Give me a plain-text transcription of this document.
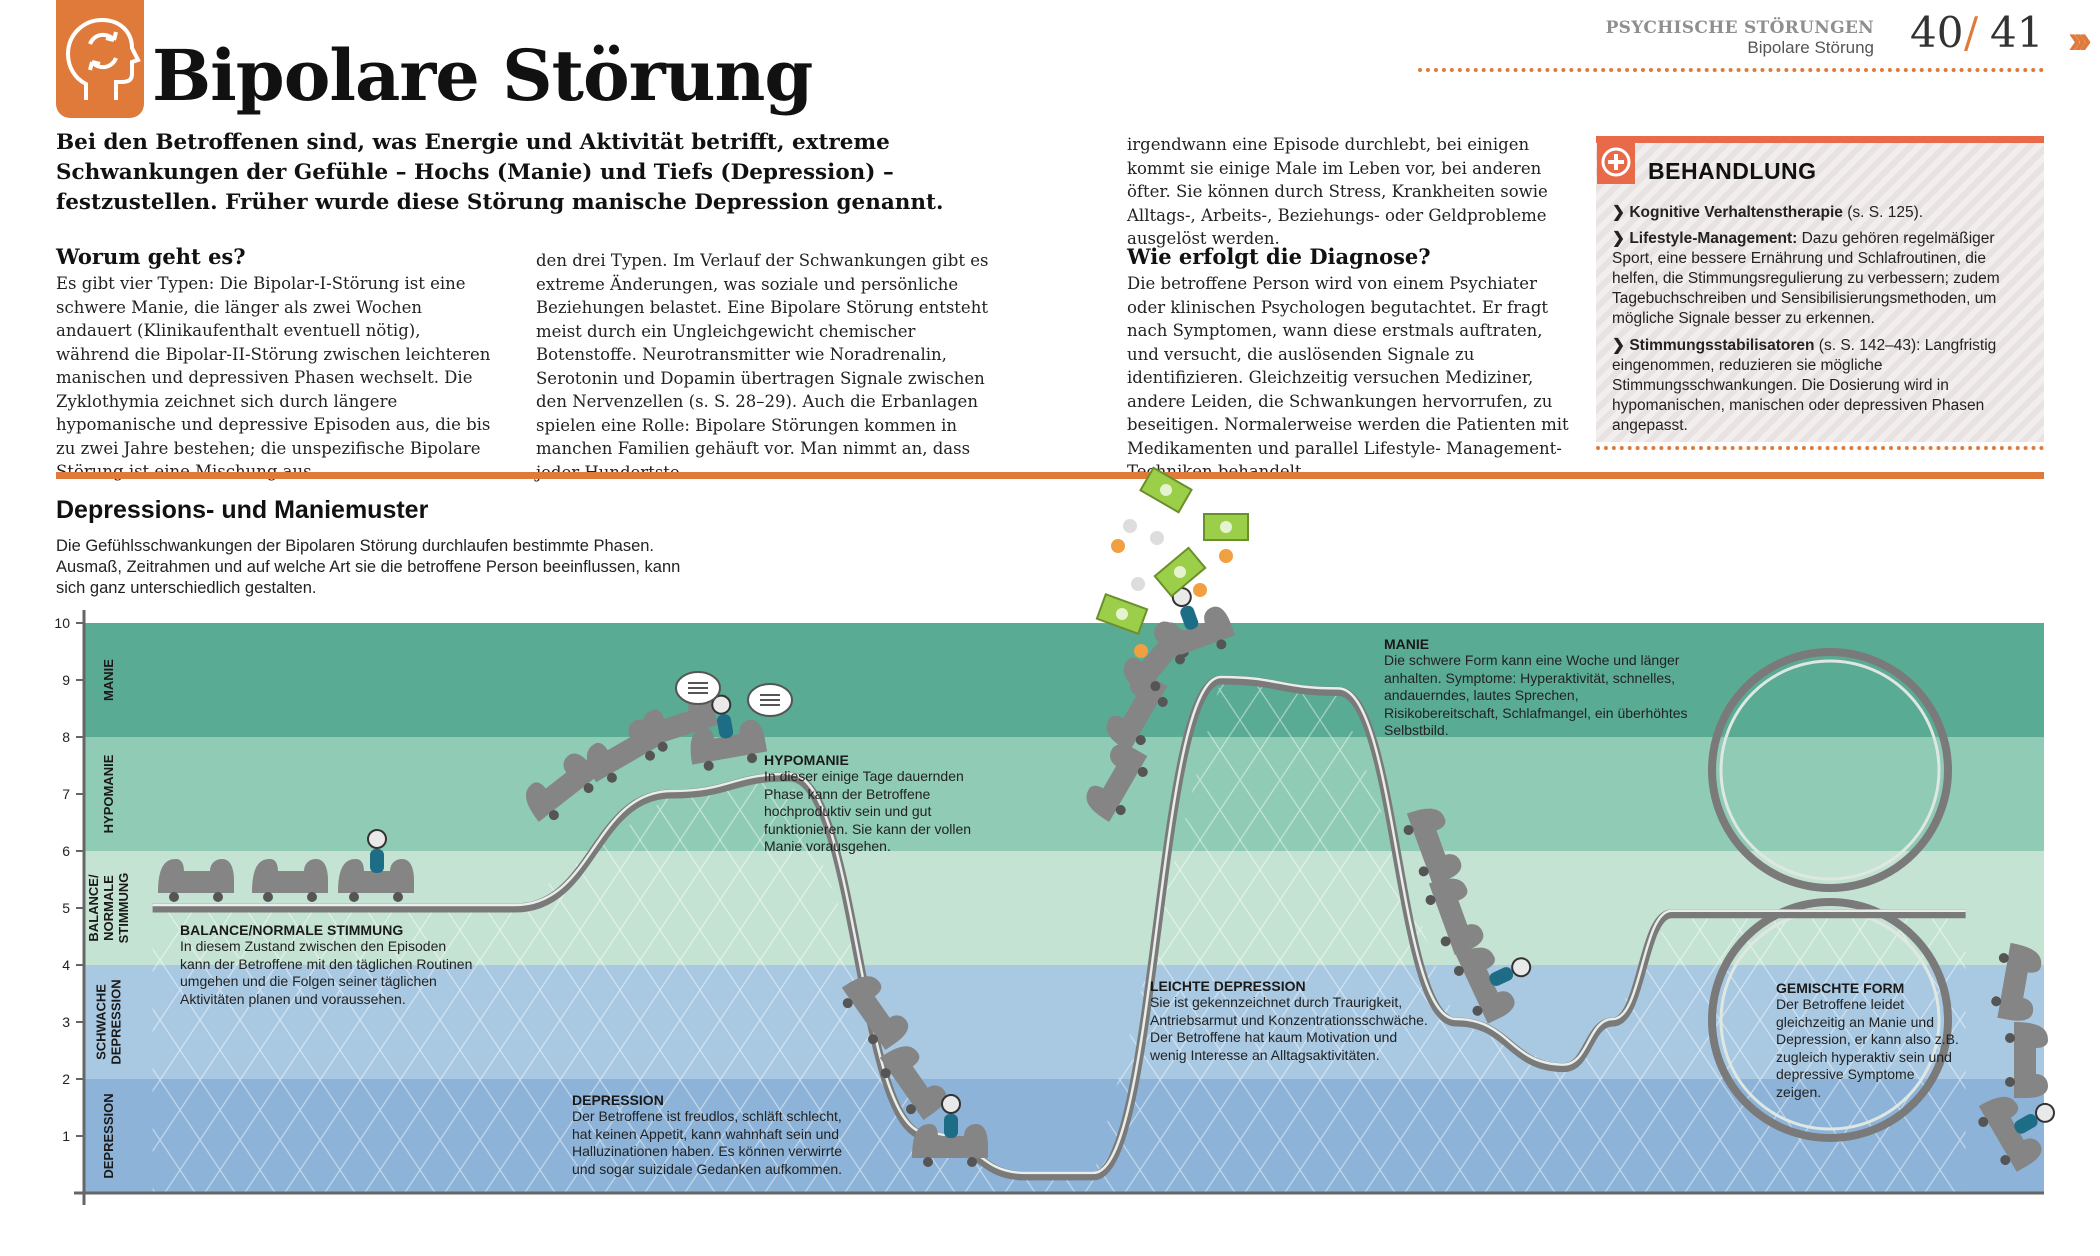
Bipolare Störung
PSYCHISCHE STÖRUNGEN
Bipolare Störung 40 / 41 ›››
Bei den Betroffenen sind, was Energie und Aktivität betrifft, extreme Schwankungen der Gefühle – Hochs (Manie) und Tiefs (Depression) – festzustellen. Früher wurde diese Störung manische Depression genannt.
Worum geht es?
Es gibt vier Typen: Die Bipolar-I-Störung ist eine schwere Manie, die länger als zwei Wochen andauert (Klinikaufenthalt eventuell nötig), während die Bipolar-II-Störung zwischen leichteren manischen und depressiven Phasen wechselt. Die Zyklothymia zeichnet sich durch längere hypomanische und depressive Episoden aus, die bis zu zwei Jahre bestehen; die unspezifische Bipolare
den drei Typen. Im Verlauf der Schwankungen gibt es extreme Änderungen, was soziale und persönliche Beziehungen belastet. Eine Bipolare Störung entsteht meist durch ein Ungleichgewicht chemischer Botenstoffe. Neurotransmitter wie Noradrenalin, Serotonin und Dopamin übertragen Signale zwischen den Nervenzellen (s. S. 28–29). Auch die Erbanlagen spielen eine Rolle: Bipolare Störungen kommen in manchen Familien gehäuft vor. Man nimmt an, dass
irgendwann eine Episode durchlebt, bei einigen kommt sie einige Male im Leben vor, bei anderen öfter. Sie können durch Stress, Krankheiten sowie Alltags-, Arbeits-, Beziehungs- oder Geldprobleme ausgelöst werden.
Wie erfolgt die Diagnose?
Die betroffene Person wird von einem Psychiater oder klinischen Psychologen begutachtet. Er fragt nach Symptomen, wann diese erstmals auftraten, und versucht, die auslösenden Signale zu identifizieren. Gleichzeitig versuchen Mediziner, andere Leiden, die Schwankungen hervorrufen, zu beseitigen. Normalerweise werden die Patienten mit Medikamenten und parallel Lifestyle- Management-
BEHANDLUNG
❯ Kognitive Verhaltenstherapie (s. S. 125).
❯ Lifestyle-Management: Dazu gehören regelmäßiger Sport, eine bessere Ernährung und Schlafroutinen, die helfen, die Stimmungsregulierung zu verbessern; zudem Tagebuchschreiben und Sensibilisierungsmethoden, um mögliche Signale besser zu erkennen.
❯ Stimmungsstabilisatoren (s. S. 142–43): Langfristig eingenommen, reduzieren sie mögliche Stimmungsschwankungen. Die Dosierung wird in hypomanischen, manischen oder depressiven Phasen angepasst.
Depressions- und Maniemuster
Die Gefühlsschwankungen der Bipolaren Störung durchlaufen bestimmte Phasen. Ausmaß, Zeitrahmen und auf welche Art sie die betroffene Person beeinflussen, kann sich ganz unterschiedlich gestalten.
1
2
3
4
5
6
7
8
9
10
DEPRESSION
SCHWACHEDEPRESSION
BALANCE/NORMALESTIMMUNG
HYPOMANIE
MANIE
BALANCE/NORMALE STIMMUNG
In diesem Zustand zwischen den Episoden kann der Betroffene mit den täglichen Routinen umgehen und die Folgen seiner täglichen Aktivitäten planen und voraussehen.
HYPOMANIE
In dieser einige Tage dauernden Phase kann der Betroffene hochproduktiv sein und gut funktionieren. Sie kann der vollen Manie vorausgehen.
DEPRESSION
Der Betroffene ist freudlos, schläft schlecht, hat keinen Appetit, kann wahnhaft sein und Halluzinationen haben. Es können verwirrte und sogar suizidale Gedanken aufkommen.
MANIE
Die schwere Form kann eine Woche und länger anhalten. Symptome: Hyperaktivität, schnelles, andauerndes, lautes Sprechen, Risikobereitschaft, Schlafmangel, ein überhöhtes Selbstbild.
LEICHTE DEPRESSION
Sie ist gekennzeichnet durch Traurigkeit, Antriebsarmut und Konzentrationsschwäche. Der Betroffene hat kaum Motivation und wenig Interesse an Alltagsaktivitäten.
GEMISCHTE FORM
Der Betroffene leidet gleichzeitig an Manie und Depression, er kann also z.B. zugleich hyperaktiv sein und depressive Symptome zeigen.
